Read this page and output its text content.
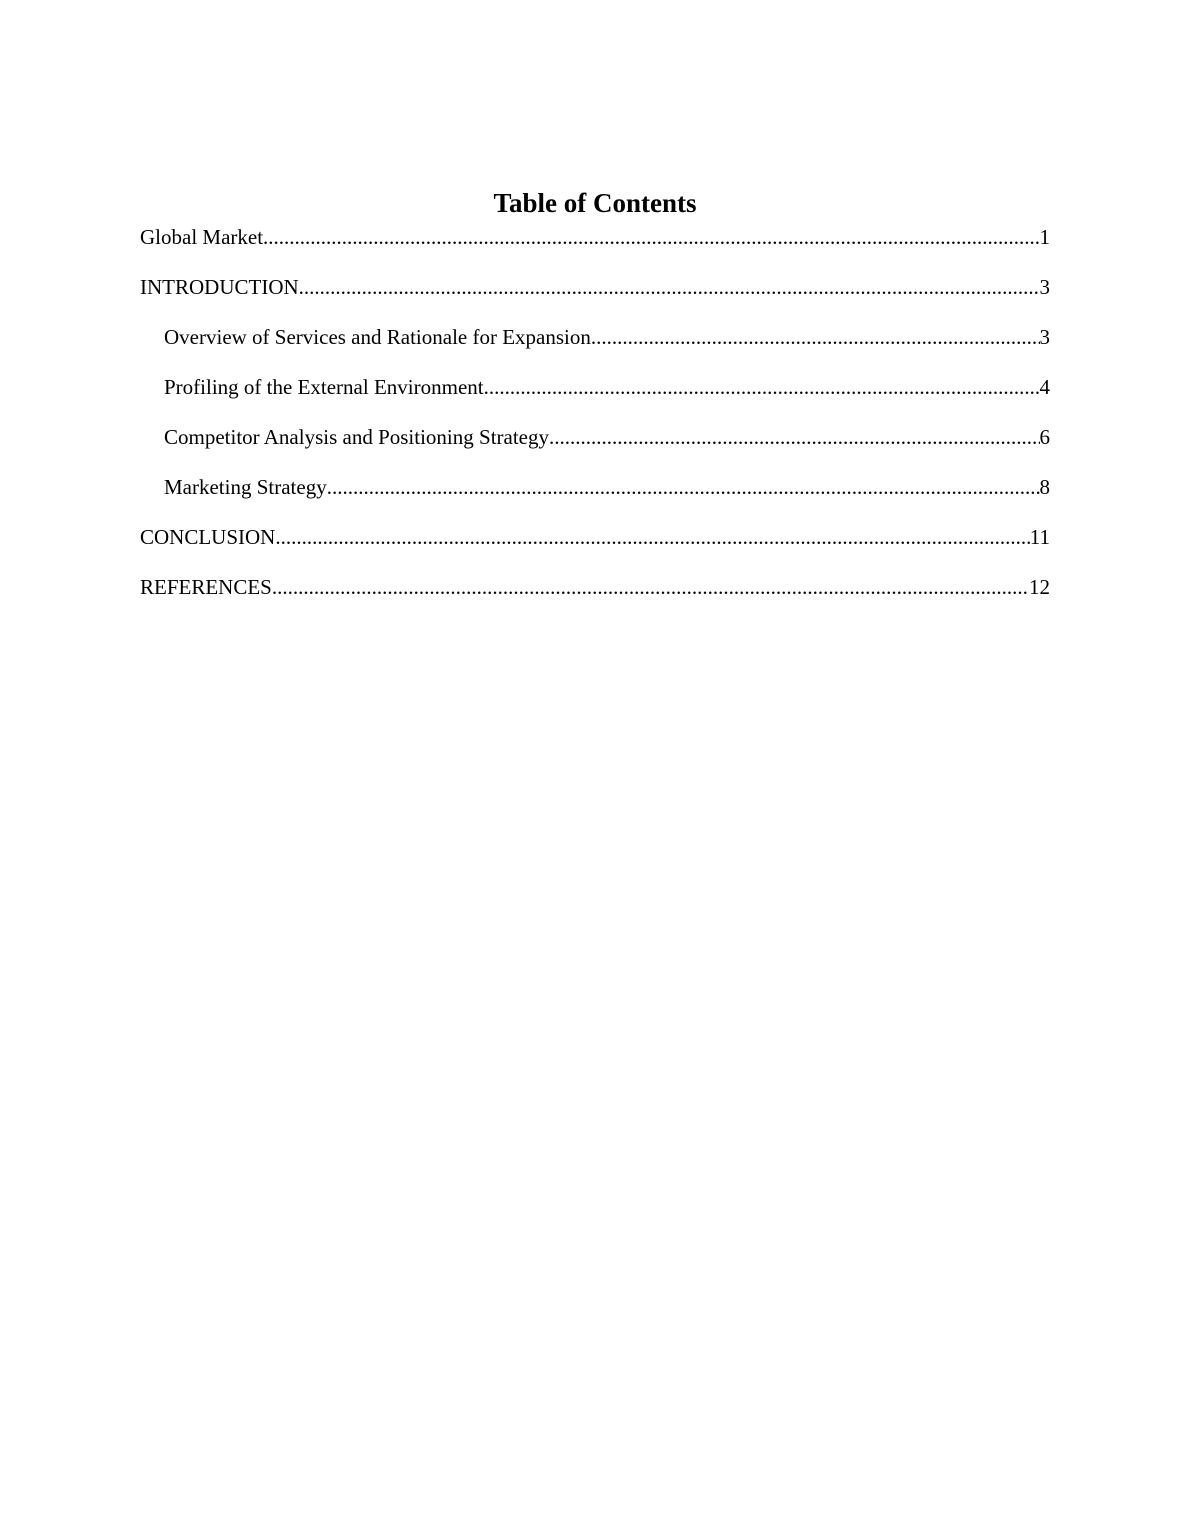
Table of Contents
Global Market .....	1
INTRODUCTION .....	3
Overview of Services and Rationale for Expansion .....	3
Profiling of the External Environment .....	4
Competitor Analysis and Positioning Strategy .....	6
Marketing Strategy .....	8
CONCLUSION .....	11
REFERENCES .....	12
